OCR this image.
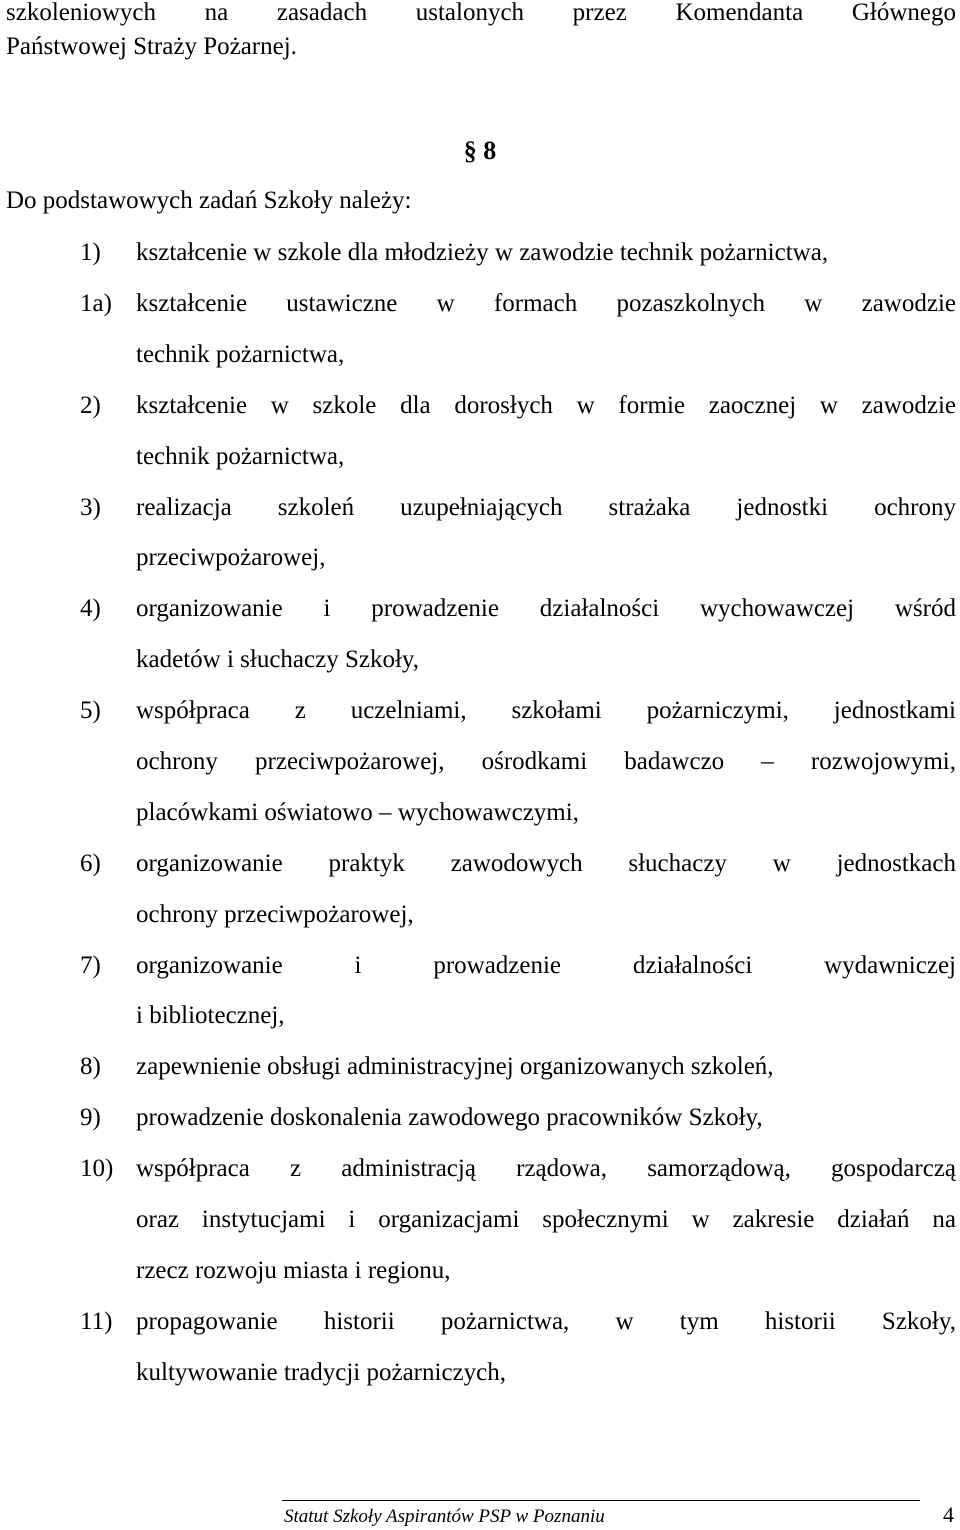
szkoleniowych na zasadach ustalonych przez Komendanta Głównego
Państwowej Straży Pożarnej.
§ 8
Do podstawowych zadań Szkoły należy:
1)	kształcenie w szkole dla młodzieży w zawodzie technik pożarnictwa,
1a) kształcenie ustawiczne w formach pozaszkolnych w zawodzie
technik pożarnictwa,
2)	kształcenie w szkole dla dorosłych w formie zaocznej w zawodzie
technik pożarnictwa,
3)	realizacja szkoleń uzupełniających strażaka jednostki ochrony
przeciwpożarowej,
4)	organizowanie i prowadzenie działalności wychowawczej wśród
kadetów i słuchaczy Szkoły,
5)	współpraca z uczelniami, szkołami pożarniczymi, jednostkami
ochrony przeciwpożarowej, ośrodkami badawczo – rozwojowymi,
placówkami oświatowo – wychowawczymi,
6)	organizowanie praktyk zawodowych słuchaczy w jednostkach
ochrony przeciwpożarowej,
7)	organizowanie i prowadzenie działalności wydawniczej
i bibliotecznej,
8)	zapewnienie obsługi administracyjnej organizowanych szkoleń,
9)	prowadzenie doskonalenia zawodowego pracowników Szkoły,
10) współpraca z administracją rządowa, samorządową, gospodarczą
oraz instytucjami i organizacjami społecznymi w zakresie działań na
rzecz rozwoju miasta i regionu,
11) propagowanie historii pożarnictwa, w tym historii Szkoły,
kultywowanie tradycji pożarniczych,
Statut Szkoły Aspirantów PSP w Poznaniu	4
